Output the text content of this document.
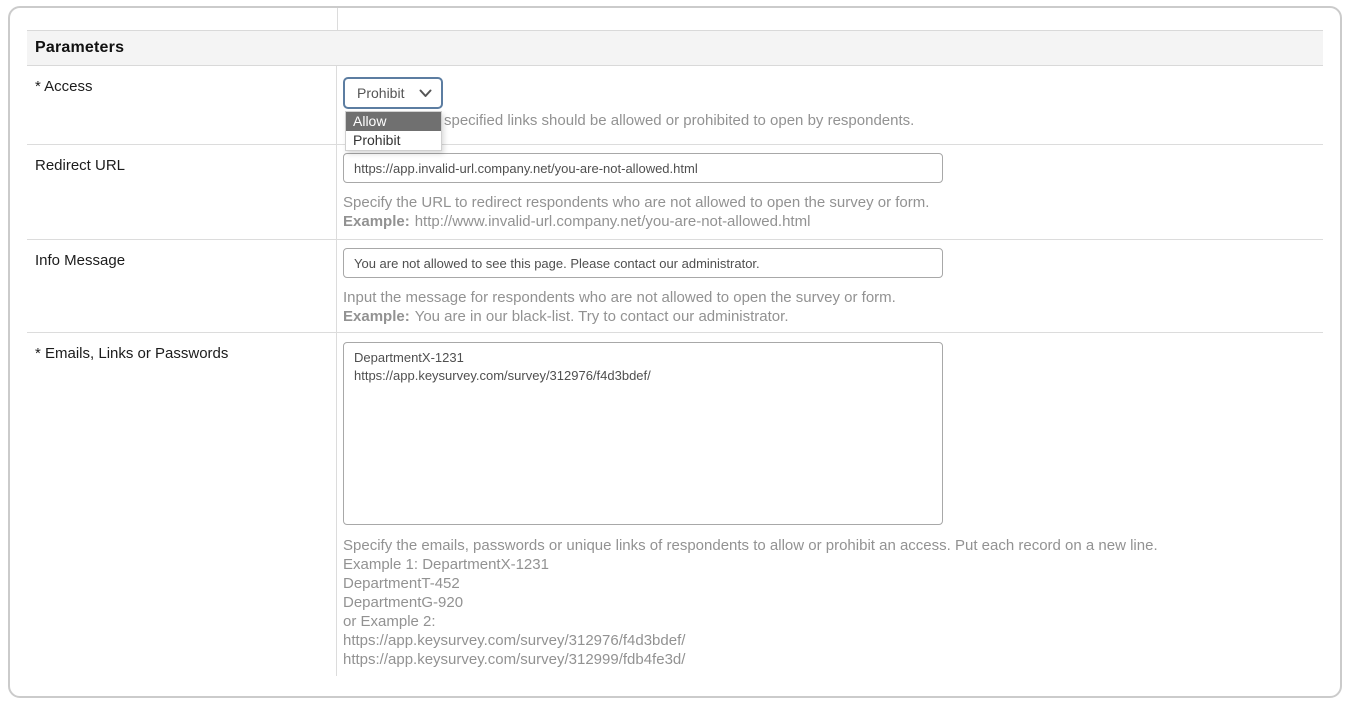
Parameters
* Access	Prohibit
specified links should be allowed or prohibited to open by respondents.
Allow
Prohibit
Redirect URL
https://app.invalid-url.company.net/you-are-not-allowed.html
Specify the URL to redirect respondents who are not allowed to open the survey or form.
Example: http://www.invalid-url.company.net/you-are-not-allowed.html
Info Message
You are not allowed to see this page. Please contact our administrator.
Input the message for respondents who are not allowed to open the survey or form.
Example: You are in our black-list. Try to contact our administrator.
* Emails, Links or Passwords
DepartmentX-1231 https://app.keysurvey.com/survey/312976/f4d3bdef/
Specify the emails, passwords or unique links of respondents to allow or prohibit an access. Put each record on a new line.
Example 1: DepartmentX-1231
DepartmentT-452
DepartmentG-920
or Example 2:
https://app.keysurvey.com/survey/312976/f4d3bdef/
https://app.keysurvey.com/survey/312999/fdb4fe3d/
